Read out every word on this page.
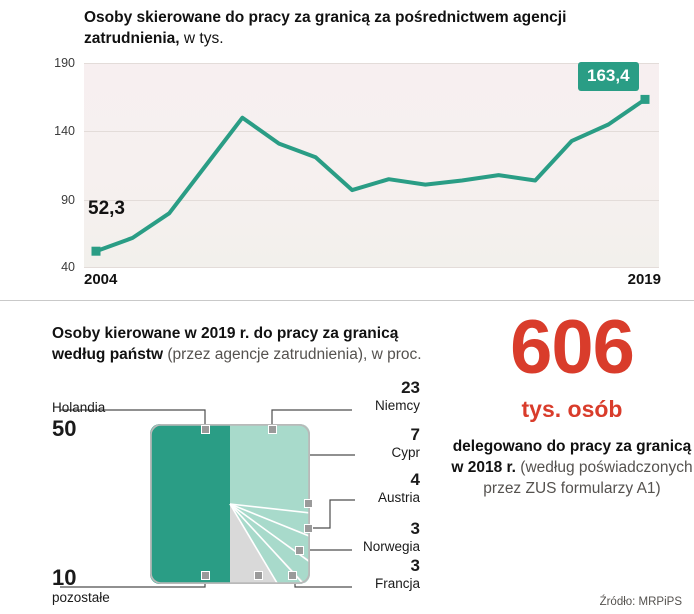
Osoby skierowane do pracy za granicą za pośrednictwem agencji zatrudnienia, w tys.
190
140
90
40
52,3
163,4
2004	2019
Osoby kierowane w 2019 r. do pracy za granicą według państw (przez agencje zatrudnienia), w proc.
Holandia
50
23
Niemcy
7
Cypr
4
Austria
3
Norwegia
3
Francja
10
pozostałe
606
tys. osób
delegowano do pracy za granicą w 2018 r. (według poświadczonych przez ZUS formularzy A1)
Źródło: MRPiPS
